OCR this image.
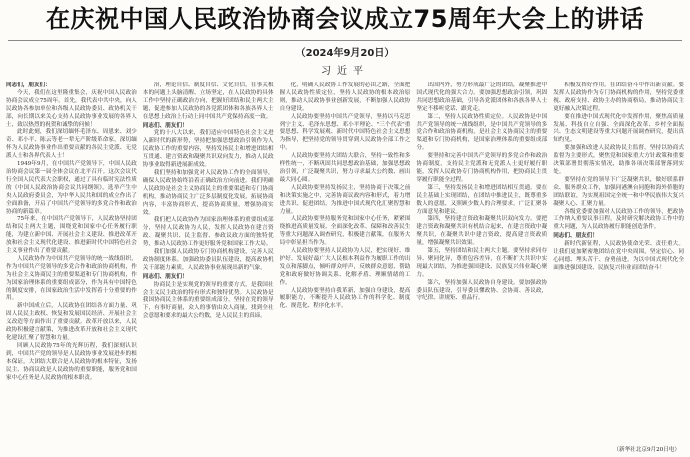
在庆祝中国人民政治协商会议成立75周年大会上的讲话
（2024年9月20日）
习近平

同志们，朋友们：

今天，我们在这里隆重集会，庆祝中国人民政治协商会议成立75周年。首先，我代表中共中央，向人民政协各参加单位和各级人民政协委员、政协机关干部，向长期以来关心支持人民政协事业发展的各界人士，致以热烈的祝贺和诚挚的问候！

此时此刻，我们深切缅怀毛泽东、周恩来、刘少奇、邓小平、陈云等老一辈无产阶级革命家，深切缅怀为人民政协事业作出重要贡献的各民主党派、无党派人士和各界代表人士！

1949年9月，在中国共产党领导下，中国人民政治协商会议第一届全体会议在北平召开。这次会议代行全国人民代表大会职权，通过了具有临时宪法性质的《中国人民政治协商会议共同纲领》，选举产生中央人民政府委员会，为中华人民共和国的成立作出了全面准备，开启了中国共产党领导的多党合作和政治协商的新篇章。

75年来，在中国共产党领导下，人民政协坚持团结和民主两大主题，围绕党和国家中心任务履行职能，为建立新中国、开展社会主义建设、推进改革开放和社会主义现代化建设、推进新时代中国特色社会主义事业作出了重要贡献。

人民政协作为中国共产党领导的统一战线组织，作为中国共产党领导的多党合作和政治协商机构，作为社会主义协商民主的重要渠道和专门协商机构，作为国家治理体系的重要组成部分，作为具有中国特色的制度安排，在国家政治生活中发挥着十分重要的作用。

新中国成立后，人民政协在团结各方面力量、巩固人民民主政权、恢复和发展国民经济、开展社会主义改造等方面作出了重要贡献。改革开放以来，人民政协积极建言献策，为推进改革开放和社会主义现代化建设汇聚了智慧和力量。

回顾人民政协75年的光辉历程，我们深刻认识到，中国共产党的领导是人民政协事业发展进步的根本保证，大团结大联合是人民政协的根本特征，发扬民主、协商议政是人民政协的重要职能，服务党和国家中心任务是人民政协的根本职责。

治，理论自信、制度自信、文化自信，在事关根本的问题上头脑清醒、立场坚定，在人民政协的具体工作中坚持正确政治方向，把握好团结和民主两大主题，促进参加人民政协的各党派团体和各族各界人士在思想上政治上行动上同中国共产党保持高度一致。

同志们、朋友们！

党的十八大以来，我们适应中国特色社会主义进入新时代的新形势，坚持把加强思想政治引领作为人民政协工作的重要内容，坚持发扬民主和增进团结相互贯通、建言资政和凝聚共识双向发力，推动人民政协事业取得新进展新成效。

我们坚持和加强党对人民政协工作的全面领导，确保人民政协始终沿着正确政治方向前进。我们明确人民政协是社会主义协商民主的重要渠道和专门协商机构，推动协商民主广泛多层制度化发展，拓展协商内容，丰富协商形式，提高协商质量，增强协商实效。

我们把人民政协作为国家治理体系的重要组成部分，坚持人民政协为人民，发挥人民政协在建言资政、凝聚共识、民主监督、参政议政方面的独特优势，推动人民政协工作更好服务党和国家工作大局。

我们加强人民政协专门协商机构建设，完善人民政协制度体系，加强政协委员队伍建设，提高政协机关干部能力素质，人民政协事业展现出新的气象。

同志们、朋友们！

协商民主是实现党的领导的重要方式，是我国社会主义民主政治的特有形式和独特优势。人民政协是我国协商民主体系的重要组成部分，坚持在党的领导下，有事好商量，众人的事情由众人商量，找到全社会意愿和要求的最大公约数，是人民民主的真谛。

化，明确人民政协工作发展的必由之路，全面把握人民政协性质定位，坚持人民政协的根本政治原则，推动人民政协事业创新发展，不断加强人民政协自身建设。

人民政协要坚持中国共产党领导，坚持以马克思列宁主义、毛泽东思想、邓小平理论、"三个代表"重要思想、科学发展观、新时代中国特色社会主义思想为指导，把坚持党的领导贯穿到人民政协全部工作之中。

人民政协要坚持大团结大联合，坚持一致性和多样性统一，不断巩固共同思想政治基础，加强思想政治引领，广泛凝聚共识，努力寻求最大公约数、画出最大同心圆。

人民政协要坚持发扬民主，坚持协商于决策之前和决策实施之中，完善协商议政内容和形式，着力增进共识、促进团结，为推进中国式现代化汇聚智慧和力量。

人民政协要坚持服务党和国家中心任务，紧紧围绕推进高质量发展、全面深化改革、保障和改善民生等重大问题深入调查研究，积极建言献策，在服务大局中彰显担当作为。

人民政协要坚持人民政协为人民，把实现好、维护好、发展好最广大人民根本利益作为履职工作的出发点和落脚点，倾听群众呼声，反映群众意愿，帮助党和政府做好协调关系、化解矛盾、理顺情绪的工作。

人民政协要坚持自我革新，加强自身建设，提高履职能力，不断提升人民政协工作的科学化、制度化、规范化、程序化水平。

出国内外，努力形成最广泛的团结，凝聚推进中国式现代化的强大合力。要加强思想政治引领，巩固共同思想政治基础，引导各党派团体和各族各界人士坚定不移听党话、跟党走。

第二，坚持人民政协性质定位。人民政协是中国共产党领导的统一战线组织，是中国共产党领导的多党合作和政治协商机构，是社会主义协商民主的重要渠道和专门协商机构，是国家治理体系的重要组成部分。

要坚持和完善中国共产党领导的多党合作和政治协商制度，支持民主党派和无党派人士更好履行职能，发挥人民政协专门协商机构作用，把协商民主贯穿履行职能全过程。

第三，坚持发扬民主和增进团结相互贯通。要在民主基础上实现团结，在团结中推进民主，既尊重多数人的意愿，又照顾少数人的合理要求，广泛汇聚各方面意见和建议。

第四，坚持建言资政和凝聚共识双向发力。要把建言资政和凝聚共识有机结合起来，在建言资政中凝聚共识，在凝聚共识中建言资政，提高建言资政质量，增强凝聚共识效果。

第五，坚持团结和民主两大主题。要坚持求同存异、聚同化异，尊重包容差异，在不断扩大共识中实现最大团结，为推进强国建设、民族复兴伟业凝心聚力。

第六，坚持加强人民政协自身建设。要加强政协委员队伍建设，引导委员懂政协、会协商、善议政，守纪律、讲规矩、重品行。

积极发挥好作用，在团结奋斗中作出新贡献。要发挥人民政协作为专门协商机构的作用，坚持党委重视、政府支持、政协主办的协商格局，推动协商民主更好融入决策过程。

要在推进中国式现代化中发挥作用，聚焦高质量发展、科技自立自强、全面深化改革、乡村全面振兴、生态文明建设等重大问题开展调查研究，提出真知灼见。

要加强和改进人民政协民主监督，坚持以协商式监督为主要形式，聚焦党和国家重大方针政策和重要决策部署贯彻落实情况，助推各项决策部署落到实处。

要坚持在党的领导下广泛凝聚共识，做好联系群众、服务群众工作，加强同港澳台同胞和海外侨胞的团结联谊，为实现祖国完全统一和中华民族伟大复兴凝聚人心、汇聚力量。

各级党委要加强对人民政协工作的领导，把政协工作纳入重要议事日程，及时研究解决政协工作中的重大问题，为人民政协履行职能创造条件。

同志们、朋友们！

新时代新征程，人民政协使命光荣、责任重大。让我们更加紧密地团结在党中央周围，坚定信心、同心同德、埋头苦干、奋勇前进，为以中国式现代化全面推进强国建设、民族复兴伟业而团结奋斗！

（新华社北京9月20日电）
